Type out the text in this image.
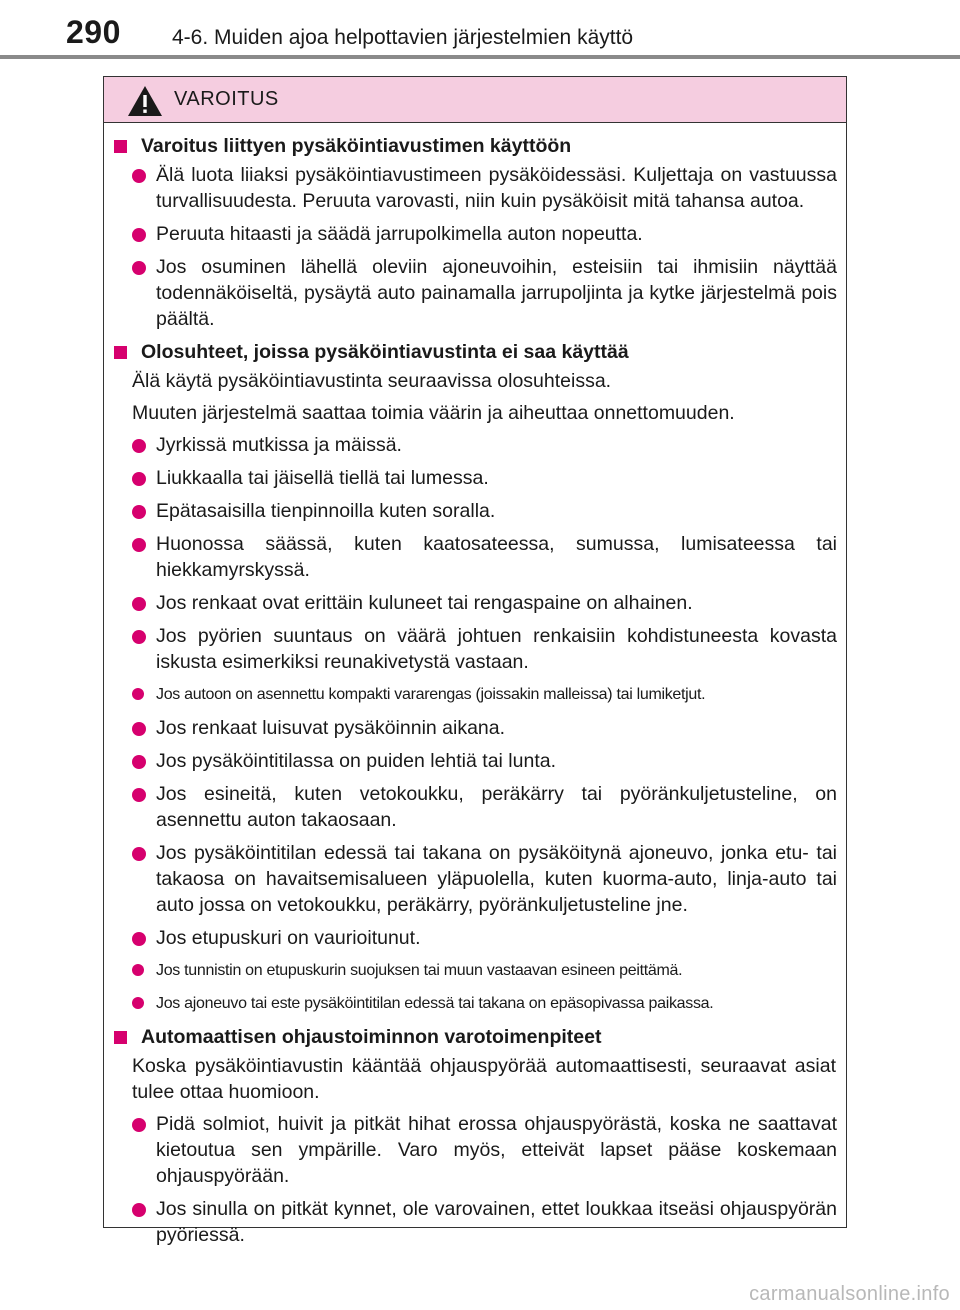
290 4-6. Muiden ajoa helpottavien järjestelmien käyttö
VAROITUS
Varoitus liittyen pysäköintiavustimen käyttöön
Älä luota liiaksi pysäköintiavustimeen pysäköidessäsi. Kuljettaja on vastuussa turvallisuudesta. Peruuta varovasti, niin kuin pysäköisit mitä tahansa autoa.
Peruuta hitaasti ja säädä jarrupolkimella auton nopeutta.
Jos osuminen lähellä oleviin ajoneuvoihin, esteisiin tai ihmisiin näyttää todennäköiseltä, pysäytä auto painamalla jarrupoljinta ja kytke järjestelmä pois päältä.
Olosuhteet, joissa pysäköintiavustinta ei saa käyttää
Älä käytä pysäköintiavustinta seuraavissa olosuhteissa.
Muuten järjestelmä saattaa toimia väärin ja aiheuttaa onnettomuuden.
Jyrkissä mutkissa ja mäissä.
Liukkaalla tai jäisellä tiellä tai lumessa.
Epätasaisilla tienpinnoilla kuten soralla.
Huonossa säässä, kuten kaatosateessa, sumussa, lumisateessa tai hiekkamyrskyssä.
Jos renkaat ovat erittäin kuluneet tai rengaspaine on alhainen.
Jos pyörien suuntaus on väärä johtuen renkaisiin kohdistuneesta kovasta iskusta esimerkiksi reunakivetystä vastaan.
Jos autoon on asennettu kompakti vararengas (joissakin malleissa) tai lumiketjut.
Jos renkaat luisuvat pysäköinnin aikana.
Jos pysäköintitilassa on puiden lehtiä tai lunta.
Jos esineitä, kuten vetokoukku, peräkärry tai pyöränkuljetusteline, on asennettu auton takaosaan.
Jos pysäköintitilan edessä tai takana on pysäköitynä ajoneuvo, jonka etu- tai takaosa on havaitsemisalueen yläpuolella, kuten kuorma-auto, linja-auto tai auto jossa on vetokoukku, peräkärry, pyöränkuljetusteline jne.
Jos etupuskuri on vaurioitunut.
Jos tunnistin on etupuskurin suojuksen tai muun vastaavan esineen peittämä.
Jos ajoneuvo tai este pysäköintitilan edessä tai takana on epäsopivassa paikassa.
Automaattisen ohjaustoiminnon varotoimenpiteet
Koska pysäköintiavustin kääntää ohjauspyörää automaattisesti, seuraavat asiat tulee ottaa huomioon.
Pidä solmiot, huivit ja pitkät hihat erossa ohjauspyörästä, koska ne saattavat kietoutua sen ympärille. Varo myös, etteivät lapset pääse koskemaan ohjauspyörään.
Jos sinulla on pitkät kynnet, ole varovainen, ettet loukkaa itseäsi ohjauspyörän pyöriessä.
carmanualsonline.info
